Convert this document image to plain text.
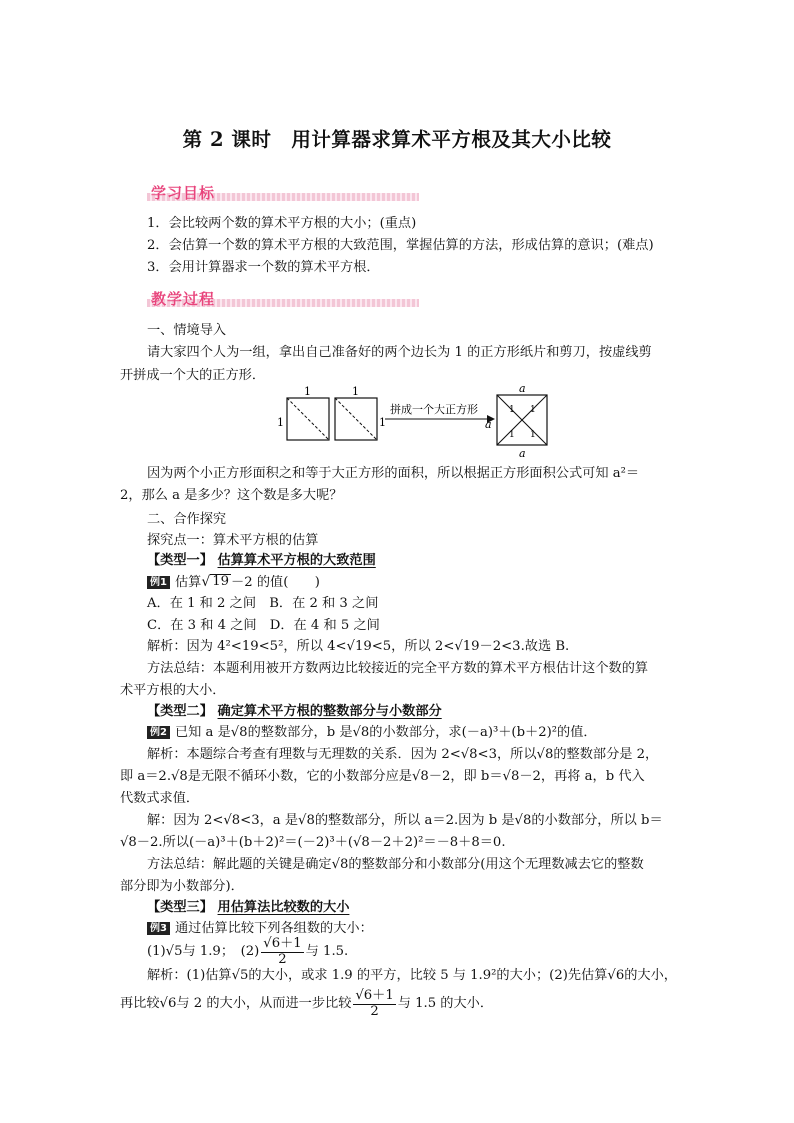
第 2 课时　用计算器求算术平方根及其大小比较
学习目标
1．会比较两个数的算术平方根的大小；(重点)
2．会估算一个数的算术平方根的大致范围，掌握估算的方法，形成估算的意识；(难点)
3．会用计算器求一个数的算术平方根．
教学过程
一、情境导入
请大家四个人为一组，拿出自己准备好的两个边长为 1 的正方形纸片和剪刀，按虚线剪
开拼成一个大的正方形．
1
1	1
1
拼成一个大正方形
a
a
a
1 1
1 1
因为两个小正方形面积之和等于大正方形的面积，所以根据正方形面积公式可知 a²＝
2，那么 a 是多少？这个数是多大呢？
二、合作探究
探究点一：算术平方根的估算
【类型一】 估算算术平方根的大致范围
例1 估算 √ 19 －2 的值(　　)
A．在 1 和 2 之间　 B．在 2 和 3 之间
C．在 3 和 4 之间　 D．在 4 和 5 之间
解析：因为 4²<19<5²，所以 4<√19<5，所以 2<√19－2<3.故选 B.
方法总结：本题利用被开方数两边比较接近的完全平方数的算术平方根估计这个数的算
术平方根的大小．
【类型二】 确定算术平方根的整数部分与小数部分
例2 已知 a 是√8的整数部分，b 是√8的小数部分，求(－a)³＋(b＋2)²的值．
解析：本题综合考查有理数与无理数的关系．因为 2<√8<3，所以√8的整数部分是 2，
即 a＝2.√8是无限不循环小数，它的小数部分应是√8－2，即 b＝√8－2，再将 a，b 代入
代数式求值．
解：因为 2<√8<3，a 是√8的整数部分，所以 a＝2.因为 b 是√8的小数部分，所以 b＝
√8－2.所以(－a)³＋(b＋2)²＝(－2)³＋(√8－2＋2)²＝－8＋8＝0.
方法总结：解此题的关键是确定√8的整数部分和小数部分(用这个无理数减去它的整数
部分即为小数部分)．
【类型三】 用估算法比较数的大小
例3 通过估算比较下列各组数的大小：
(1)√5与 1.9；　 $(2) \frac{√6+1}{2}$ 与 1.5.
解析：(1)估算√5的大小，或求 1.9 的平方，比较 5 与 1.9²的大小；(2)先估算√6的大小，
再比较√6与 2 的大小，从而进一步比较 $\frac{√6+1}{2}$ 与 1.5 的大小．
